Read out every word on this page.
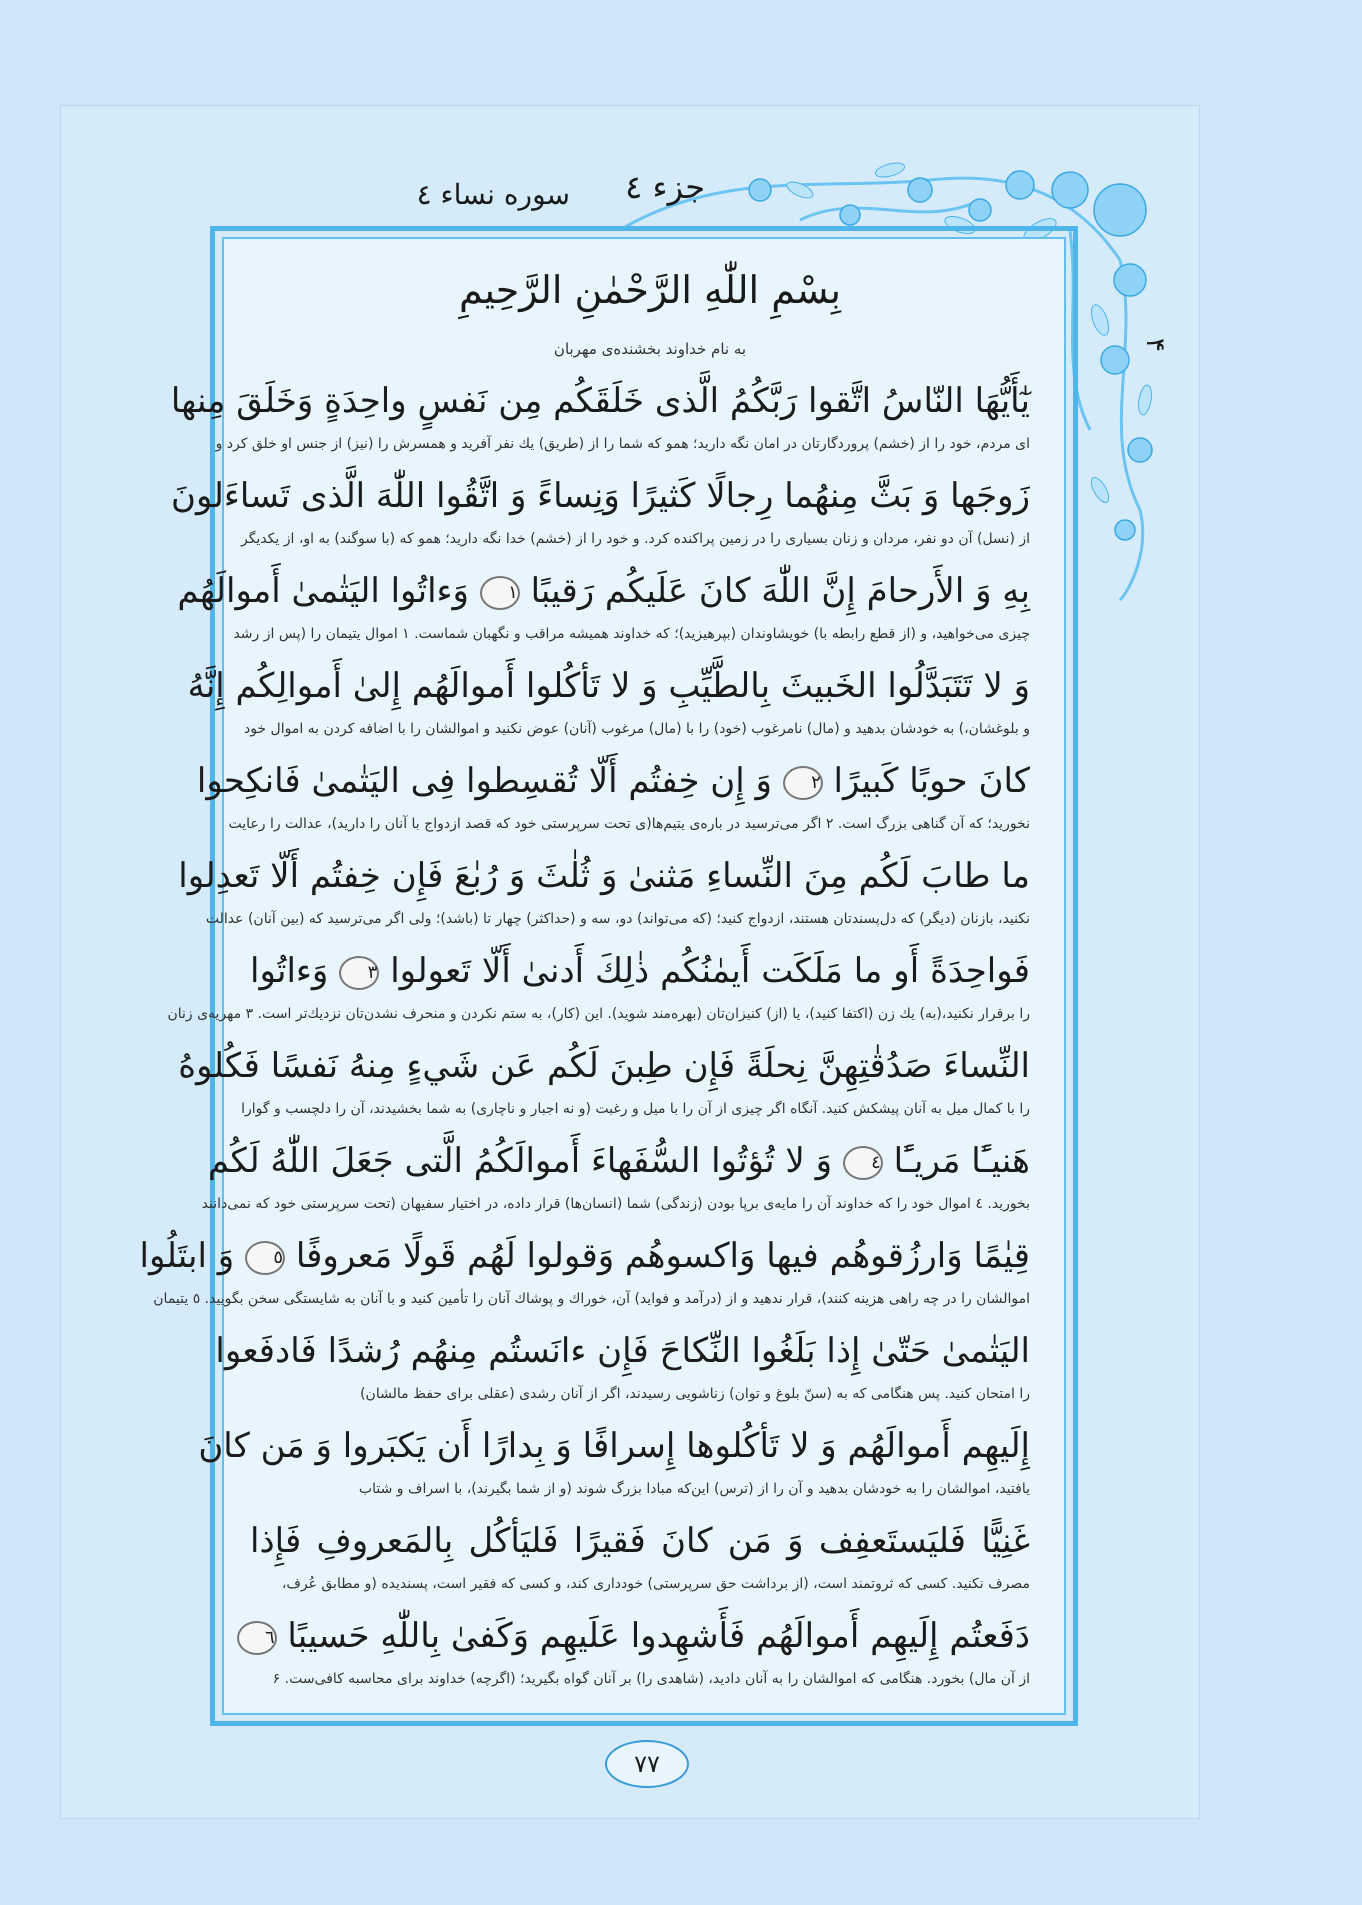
جزء ٤
سوره نساء ٤
۴
بِسْمِ اللّٰهِ الرَّحْمٰنِ الرَّحِيمِ
به نام خداوند بخشنده‌ی مهربان
يٰٓأَيُّهَا النّاسُ اتَّقوا رَبَّكُمُ الَّذى خَلَقَكُم مِن نَفسٍ واحِدَةٍ وَخَلَقَ مِنها
ای مردم، خود را از (خشم) پروردگارتان در امان نگه دارید؛ همو که شما را از (طریق) يك نفر آفريد و همسرش را (نيز) از جنس او خلق كرد و
زَوجَها وَ بَثَّ مِنهُما رِجالًا كَثيرًا وَنِساءً وَ اتَّقُوا اللّٰهَ الَّذى تَساءَلونَ
از (نسل) آن دو نفر، مردان و زنان بسیاری را در زمين پراكنده كرد. و خود را از (خشم) خدا نگه داريد؛ همو كه (با سوگند) به او، از يكديگر
بِهِ وَ الأَرحامَ إِنَّ اللّٰهَ كانَ عَلَيكُم رَقيبًا ١ وَءاتُوا اليَتٰمىٰ أَموالَهُم
چيزی می‌خواهيد، و (از قطع رابطه با) خويشاوندان (بپرهيزيد)؛ كه خداوند هميشه مراقب و نگهبان شماست. ١ اموال يتيمان را (پس از رشد
وَ لا تَتَبَدَّلُوا الخَبيثَ بِالطَّيِّبِ وَ لا تَأكُلوا أَموالَهُم إِلىٰ أَموالِكُم إِنَّهُ
و بلوغشان،) به خودشان بدهيد و (مال) نامرغوب (خود) را با (مال) مرغوب (آنان) عوض نكنيد و اموالشان را با اضافه كردن به اموال خود
كانَ حوبًا كَبيرًا ٢ وَ إِن خِفتُم أَلّا تُقسِطوا فِى اليَتٰمىٰ فَانكِحوا
نخوريد؛ كه آن گناهی بزرگ است. ٢ اگر می‌ترسيد در باره‌ی يتيم‌ها(ی تحت سرپرستی خود كه قصد ازدواج با آنان را داريد)، عدالت را رعايت
ما طابَ لَكُم مِنَ النِّساءِ مَثنىٰ وَ ثُلٰثَ وَ رُبٰعَ فَإِن خِفتُم أَلّا تَعدِلوا
نكنيد، بازنان (ديگر) كه دل‌پسندتان هستند، ازدواج كنيد؛ (كه می‌تواند) دو، سه و (حداكثر) چهار تا (باشد)؛ ولی اگر می‌ترسيد كه (بين آنان) عدالت
فَواحِدَةً أَو ما مَلَكَت أَيمٰنُكُم ذٰلِكَ أَدنىٰ أَلّا تَعولوا ٣ وَءاتُوا
را برقرار نكنيد،(به) يك زن (اكتفا كنيد)، يا (از) كنيزان‌تان (بهره‌مند شويد). اين (كار)، به ستم نكردن و منحرف نشدن‌تان نزديك‌تر است. ٣ مهريه‌ی زنان
النِّساءَ صَدُقٰتِهِنَّ نِحلَةً فَإِن طِبنَ لَكُم عَن شَيءٍ مِنهُ نَفسًا فَكُلوهُ
را با كمال ميل به آنان پيشكش كنيد. آنگاه اگر چيزی از آن را با ميل و رغبت (و نه اجبار و ناچاری) به شما بخشيدند، آن را دلچسب و گوارا
هَنيـًٔا مَريـًٔا ٤ وَ لا تُؤتُوا السُّفَهاءَ أَموالَكُمُ الَّتى جَعَلَ اللّٰهُ لَكُم
بخوريد. ٤ اموال خود را كه خداوند آن را مايه‌ی برپا بودن (زندگی) شما (انسان‌ها) قرار داده، در اختيار سفيهان (تحت سرپرستی خود كه نمی‌دانند
قِيٰمًا وَارزُقوهُم فيها وَاكسوهُم وَقولوا لَهُم قَولًا مَعروفًا ٥ وَ ابتَلُوا
اموالشان را در چه راهی هزينه كنند)، قرار ندهيد و از (درآمد و فوايد) آن، خوراك و پوشاك آنان را تأمين كنيد و با آنان به شايستگی سخن بگوييد. ٥ يتيمان
اليَتٰمىٰ حَتّىٰ إِذا بَلَغُوا النِّكاحَ فَإِن ءانَستُم مِنهُم رُشدًا فَادفَعوا
را امتحان كنيد. پس هنگامی كه به (سنّ بلوغ و توان) زناشويی رسيدند، اگر از آنان رشدی (عقلی برای حفظ مالشان)
إِلَيهِم أَموالَهُم وَ لا تَأكُلوها إِسرافًا وَ بِدارًا أَن يَكبَروا وَ مَن كانَ
يافتيد، اموالشان را به خودشان بدهيد و آن را از (ترس) اين‌كه مبادا بزرگ شوند (و از شما بگيرند)، با اسراف و شتاب
غَنِيًّا فَليَستَعفِف وَ مَن كانَ فَقيرًا فَليَأكُل بِالمَعروفِ فَإِذا
مصرف نكنيد. كسی كه ثروتمند است، (از برداشت حق سرپرستی) خودداری كند، و كسی كه فقير است، پسنديده (و مطابق عُرف،
دَفَعتُم إِلَيهِم أَموالَهُم فَأَشهِدوا عَلَيهِم وَكَفىٰ بِاللّٰهِ حَسيبًا ٦
از آن مال) بخورد. هنگامی كه اموالشان را به آنان داديد، (شاهدی را) بر آنان گواه بگيريد؛ (اگرچه) خداوند برای محاسبه كافی‌ست. ۶
٧٧
